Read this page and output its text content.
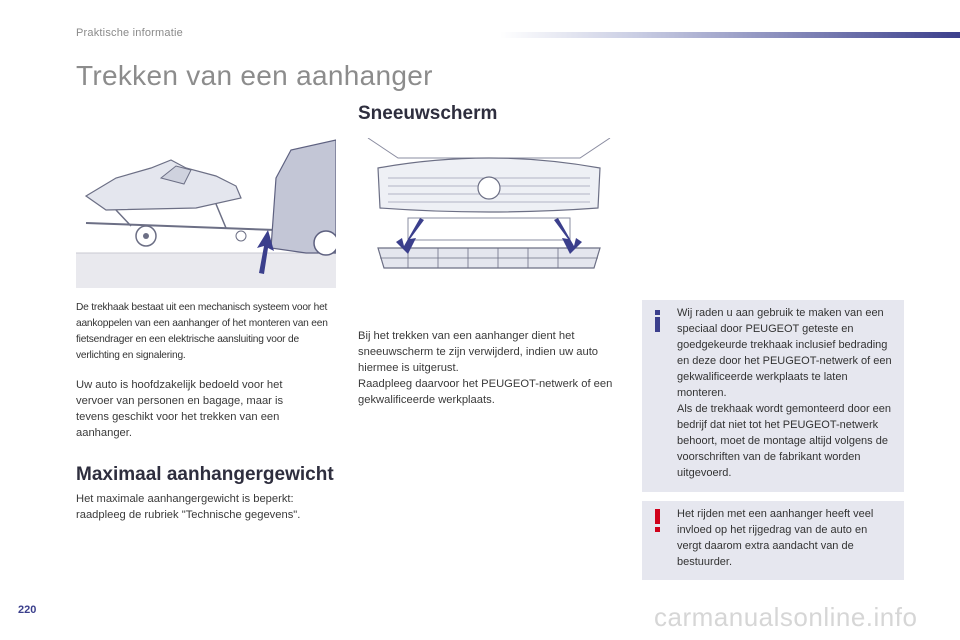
Praktische informatie
Trekken van een aanhanger
Sneeuwscherm
De trekhaak bestaat uit een mechanisch systeem voor het aankoppelen van een aanhanger of het monteren van een fietsendrager en een elektrische aansluiting voor de verlichting en signalering.
Uw auto is hoofdzakelijk bedoeld voor het vervoer van personen en bagage, maar is tevens geschikt voor het trekken van een aanhanger.
Maximaal aanhangergewicht
Het maximale aanhangergewicht is beperkt: raadpleeg de rubriek "Technische gegevens".

Bij het trekken van een aanhanger dient het sneeuwscherm te zijn verwijderd, indien uw auto hiermee is uitgerust.

Raadpleeg daarvoor het PEUGEOT-netwerk of een gekwalificeerde werkplaats.

Wij raden u aan gebruik te maken van een speciaal door PEUGEOT geteste en goedgekeurde trekhaak inclusief bedrading en deze door het PEUGEOT-netwerk of een gekwalificeerde werkplaats te laten monteren.

Als de trekhaak wordt gemonteerd door een bedrijf dat niet tot het PEUGEOT-netwerk behoort, moet de montage altijd volgens de voorschriften van de fabrikant worden uitgevoerd.

Het rijden met een aanhanger heeft veel invloed op het rijgedrag van de auto en vergt daarom extra aandacht van de bestuurder.
220	carmanualsonline.info
